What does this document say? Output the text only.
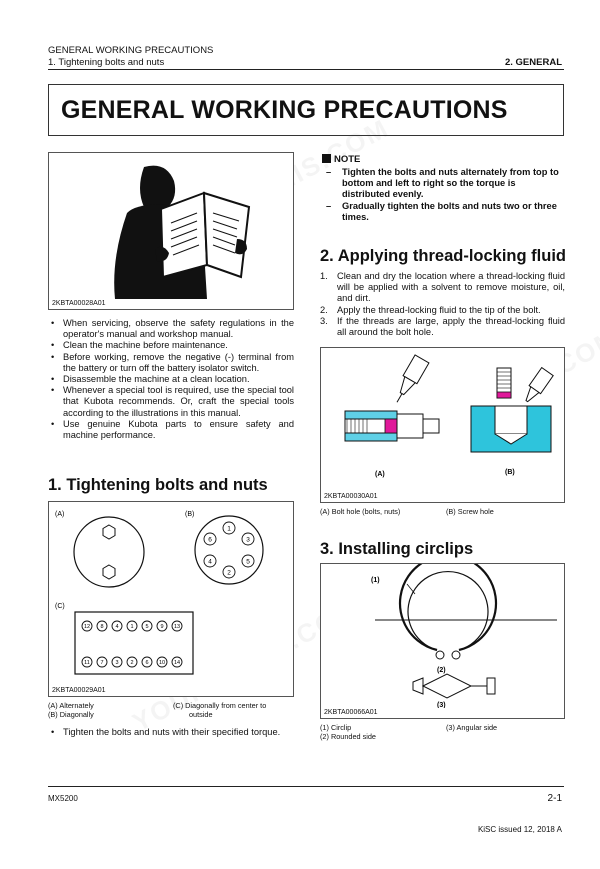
GENERAL WORKING PRECAUTIONS
1. Tightening bolts and nuts	2. GENERAL
GENERAL WORKING PRECAUTIONS
2KBTA00028A01
• When servicing, observe the safety regulations in the operator's manual and workshop manual.
• Clean the machine before maintenance.
• Before working, remove the negative (-) terminal from the battery or turn off the battery isolator switch.
• Disassemble the machine at a clean location.
• Whenever a special tool is required, use the special tool that Kubota recommends. Or, craft the special tools according to the illustrations in this manual.
• Use genuine Kubota parts to ensure safety and machine performance.
1. Tightening bolts and nuts
(A)	(B)
(C)
1
2
3
4	5
6
12 8 4 1 5 9 13
11 7 3 2 6 10 14
2KBTA00029A01
(A) Alternately
(B) Diagonally
(C) Diagonally from center to
outside
• Tighten the bolts and nuts with their specified torque.
NOTE
– Tighten the bolts and nuts alternately from top to bottom and left to right so the torque is distributed evenly.
– Gradually tighten the bolts and nuts two or three times.
2. Applying thread-locking fluid
1. Clean and dry the location where a thread-locking fluid will be applied with a solvent to remove moisture, oil, and dirt.
2. Apply the thread-locking fluid to the tip of the bolt.
3. If the threads are large, apply the thread-locking fluid all around the bolt hole.
(A)	(B)
2KBTA00030A01
(A) Bolt hole (bolts, nuts)	(B) Screw hole
3. Installing circlips
(1)
(2)
(3)
2KBTA00066A01
(1) Circlip
(2) Rounded side
(3) Angular side
MX5200	2-1
KiSC issued 12, 2018 A
